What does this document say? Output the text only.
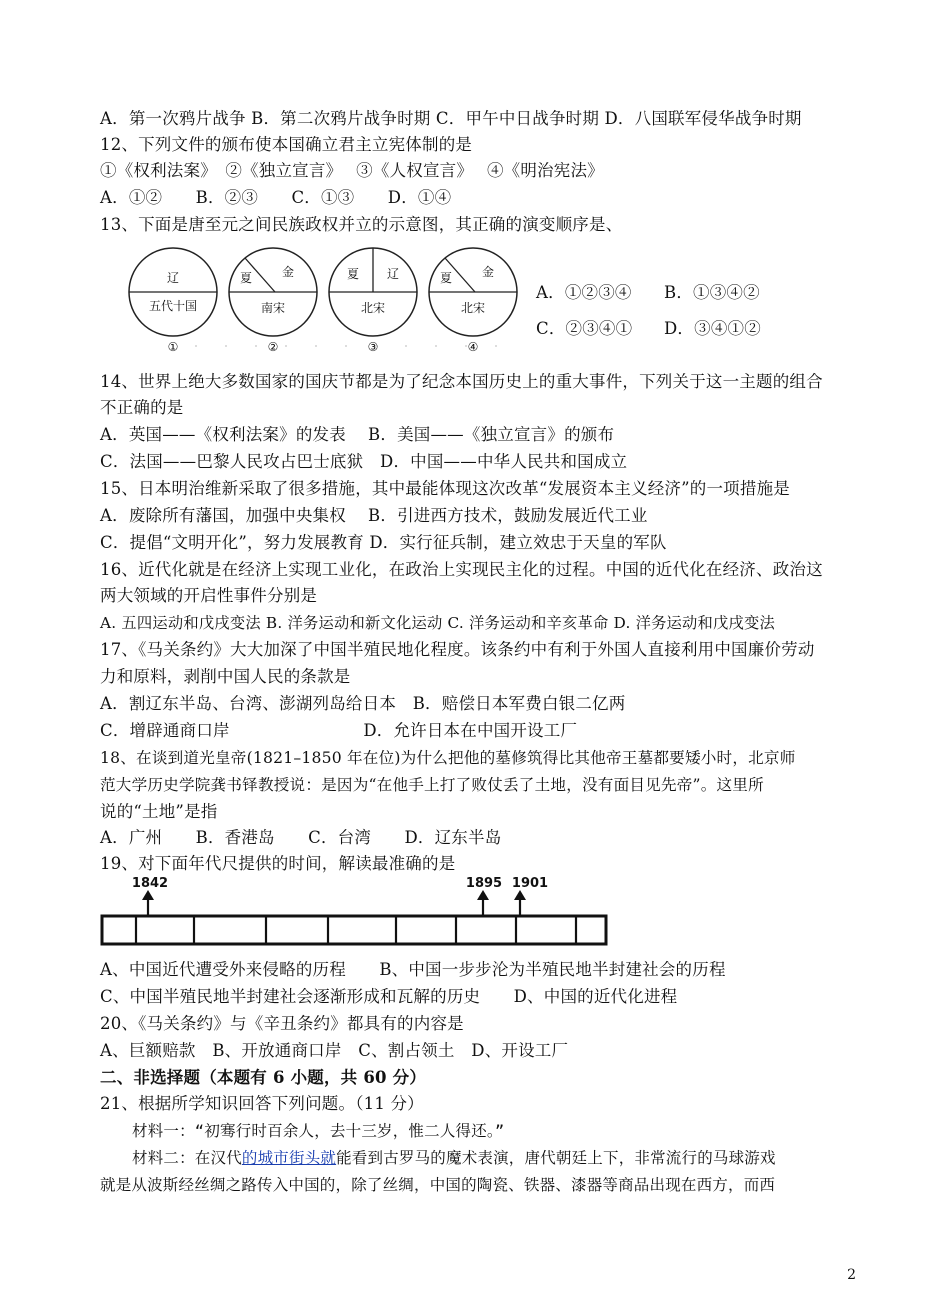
A．第一次鸦片战争 B．第二次鸦片战争时期 C．甲午中日战争时期 D．八国联军侵华战争时期
12、下列文件的颁布使本国确立君主立宪体制的是
①《权利法案》　②《独立宣言》　 ③《人权宣言》　 ④《明治宪法》
A．①②　　B．②③　　C．①③　　D．①④
13、下面是唐至元之间民族政权并立的示意图，其正确的演变顺序是、
辽
五代十国
①
夏 金
南宋
②
夏 辽
北宋
③
夏 金
北宋
④
A．①②③④ B．①③④②
C．②③④① D．③④①②
14、世界上绝大多数国家的国庆节都是为了纪念本国历史上的重大事件，下列关于这一主题的组合
不正确的是
A．英国——《权利法案》的发表　 B．美国——《独立宣言》的颁布
C．法国——巴黎人民攻占巴士底狱　D．中国——中华人民共和国成立
15、日本明治维新采取了很多措施，其中最能体现这次改革“发展资本主义经济”的一项措施是
A．废除所有藩国，加强中央集权　 B．引进西方技术，鼓励发展近代工业
C．提倡“文明开化”，努力发展教育 D．实行征兵制，建立效忠于天皇的军队
16、近代化就是在经济上实现工业化，在政治上实现民主化的过程。中国的近代化在经济、政治这
两大领域的开启性事件分别是
A. 五四运动和戊戌变法 B. 洋务运动和新文化运动 C. 洋务运动和辛亥革命 D. 洋务运动和戊戌变法
17、《马关条约》大大加深了中国半殖民地化程度。该条约中有利于外国人直接利用中国廉价劳动
力和原料，剥削中国人民的条款是
A．割辽东半岛、台湾、澎湖列岛给日本　B．赔偿日本军费白银二亿两
C．增辟通商口岸　　　　　　　　D．允许日本在中国开设工厂
18、在谈到道光皇帝(1821–1850 年在位)为什么把他的墓修筑得比其他帝王墓都要矮小时，北京师
范大学历史学院龚书铎教授说：是因为“在他手上打了败仗丢了土地，没有面目见先帝”。这里所
说的“土地”是指
A．广州　　B．香港岛　　C．台湾　　D．辽东半岛
19、对下面年代尺提供的时间，解读最准确的是
1842	1895 1901
A、中国近代遭受外来侵略的历程　　B、中国一步步沦为半殖民地半封建社会的历程
C、中国半殖民地半封建社会逐渐形成和瓦解的历史　　D、中国的近代化进程
20、《马关条约》与《辛丑条约》都具有的内容是
A、巨额赔款　B、开放通商口岸　C、割占领土　D、开设工厂
二、非选择题（本题有 6 小题，共 60 分）
21、根据所学知识回答下列问题。（11 分）
材料一：“初骞行时百余人，去十三岁，惟二人得还。”
材料二：在汉代的城市街头就能看到古罗马的魔术表演，唐代朝廷上下，非常流行的马球游戏
就是从波斯经丝绸之路传入中国的，除了丝绸，中国的陶瓷、铁器、漆器等商品出现在西方，而西
2
